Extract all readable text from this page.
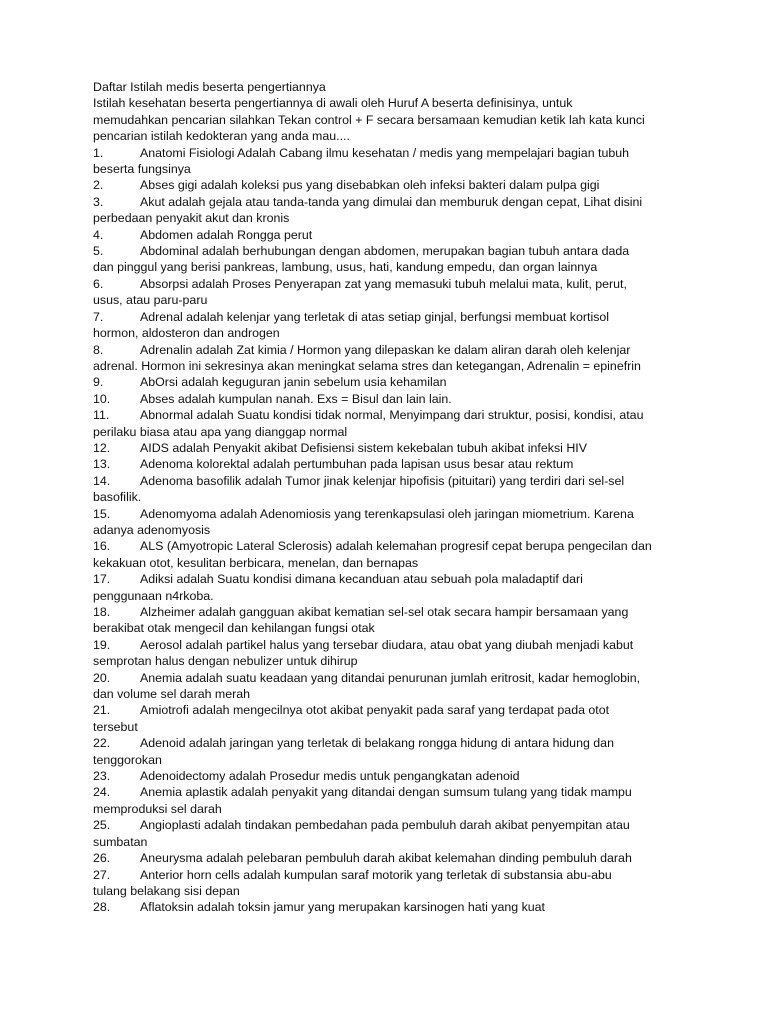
Daftar Istilah medis beserta pengertiannya
Istilah kesehatan beserta pengertiannya di awali oleh Huruf A beserta definisinya, untuk
memudahkan pencarian silahkan Tekan control + F secara bersamaan kemudian ketik lah kata kunci
pencarian istilah kedokteran yang anda mau....
1.	Anatomi Fisiologi Adalah Cabang ilmu kesehatan / medis yang mempelajari bagian tubuh
beserta fungsinya
2.	Abses gigi adalah koleksi pus yang disebabkan oleh infeksi bakteri dalam pulpa gigi
3.	Akut adalah gejala atau tanda-tanda yang dimulai dan memburuk dengan cepat, Lihat disini
perbedaan penyakit akut dan kronis
4.	Abdomen adalah Rongga perut
5.	Abdominal adalah berhubungan dengan abdomen, merupakan bagian tubuh antara dada
dan pinggul yang berisi pankreas, lambung, usus, hati, kandung empedu, dan organ lainnya
6.	Absorpsi adalah Proses Penyerapan zat yang memasuki tubuh melalui mata, kulit, perut,
usus, atau paru-paru
7.	Adrenal adalah kelenjar yang terletak di atas setiap ginjal, berfungsi membuat kortisol
hormon, aldosteron dan androgen
8.	Adrenalin adalah Zat kimia / Hormon yang dilepaskan ke dalam aliran darah oleh kelenjar
adrenal. Hormon ini sekresinya akan meningkat selama stres dan ketegangan, Adrenalin = epinefrin
9.	AbOrsi adalah keguguran janin sebelum usia kehamilan
10. Abses adalah kumpulan nanah. Exs = Bisul dan lain lain.
11. Abnormal adalah Suatu kondisi tidak normal, Menyimpang dari struktur, posisi, kondisi, atau
perilaku biasa atau apa yang dianggap normal
12. AIDS adalah Penyakit akibat Defisiensi sistem kekebalan tubuh akibat infeksi HIV
13. Adenoma kolorektal adalah pertumbuhan pada lapisan usus besar atau rektum
14. Adenoma basofilik adalah Tumor jinak kelenjar hipofisis (pituitari) yang terdiri dari sel-sel
basofilik.
15. Adenomyoma adalah Adenomiosis yang terenkapsulasi oleh jaringan miometrium. Karena
adanya adenomyosis
16. ALS (Amyotropic Lateral Sclerosis) adalah kelemahan progresif cepat berupa pengecilan dan
kekakuan otot, kesulitan berbicara, menelan, dan bernapas
17. Adiksi adalah Suatu kondisi dimana kecanduan atau sebuah pola maladaptif dari
penggunaan n4rkoba.
18. Alzheimer adalah gangguan akibat kematian sel-sel otak secara hampir bersamaan yang
berakibat otak mengecil dan kehilangan fungsi otak
19. Aerosol adalah partikel halus yang tersebar diudara, atau obat yang diubah menjadi kabut
semprotan halus dengan nebulizer untuk dihirup
20. Anemia adalah suatu keadaan yang ditandai penurunan jumlah eritrosit, kadar hemoglobin,
dan volume sel darah merah
21. Amiotrofi adalah mengecilnya otot akibat penyakit pada saraf yang terdapat pada otot
tersebut
22. Adenoid adalah jaringan yang terletak di belakang rongga hidung di antara hidung dan
tenggorokan
23. Adenoidectomy adalah Prosedur medis untuk pengangkatan adenoid
24. Anemia aplastik adalah penyakit yang ditandai dengan sumsum tulang yang tidak mampu
memproduksi sel darah
25. Angioplasti adalah tindakan pembedahan pada pembuluh darah akibat penyempitan atau
sumbatan
26. Aneurysma adalah pelebaran pembuluh darah akibat kelemahan dinding pembuluh darah
27. Anterior horn cells adalah kumpulan saraf motorik yang terletak di substansia abu-abu
tulang belakang sisi depan
28. Aflatoksin adalah toksin jamur yang merupakan karsinogen hati yang kuat
